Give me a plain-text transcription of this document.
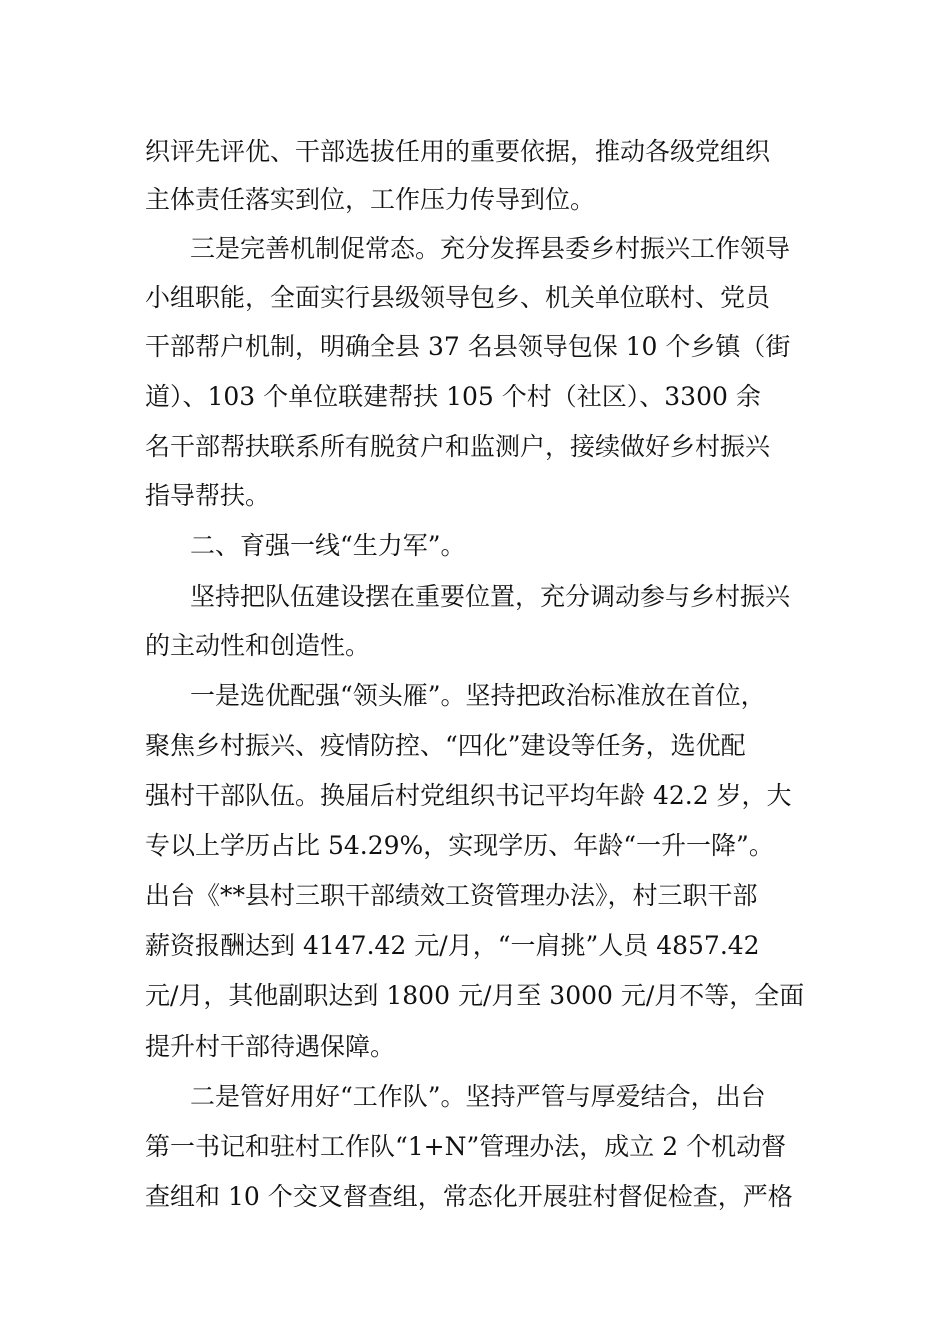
织评先评优、干部选拔任用的重要依据，推动各级党组织
主体责任落实到位，工作压力传导到位。
三是完善机制促常态。充分发挥县委乡村振兴工作领导
小组职能，全面实行县级领导包乡、机关单位联村、党员
干部帮户机制，明确全县 37 名县领导包保 10 个乡镇（街
道）、103 个单位联建帮扶 105 个村（社区）、3300 余
名干部帮扶联系所有脱贫户和监测户，接续做好乡村振兴
指导帮扶。
二、育强一线“生力军”。
坚持把队伍建设摆在重要位置，充分调动参与乡村振兴
的主动性和创造性。
一是选优配强“领头雁”。坚持把政治标准放在首位，
聚焦乡村振兴、疫情防控、“四化”建设等任务，选优配
强村干部队伍。换届后村党组织书记平均年龄 42.2 岁，大
专以上学历占比 54.29%，实现学历、年龄“一升一降”。
出台《**县村三职干部绩效工资管理办法》，村三职干部
薪资报酬达到 4147.42 元/月，“一肩挑”人员 4857.42
元/月，其他副职达到 1800 元/月至 3000 元/月不等，全面
提升村干部待遇保障。
二是管好用好“工作队”。坚持严管与厚爱结合，出台
第一书记和驻村工作队“1+N”管理办法，成立 2 个机动督
查组和 10 个交叉督查组，常态化开展驻村督促检查，严格
